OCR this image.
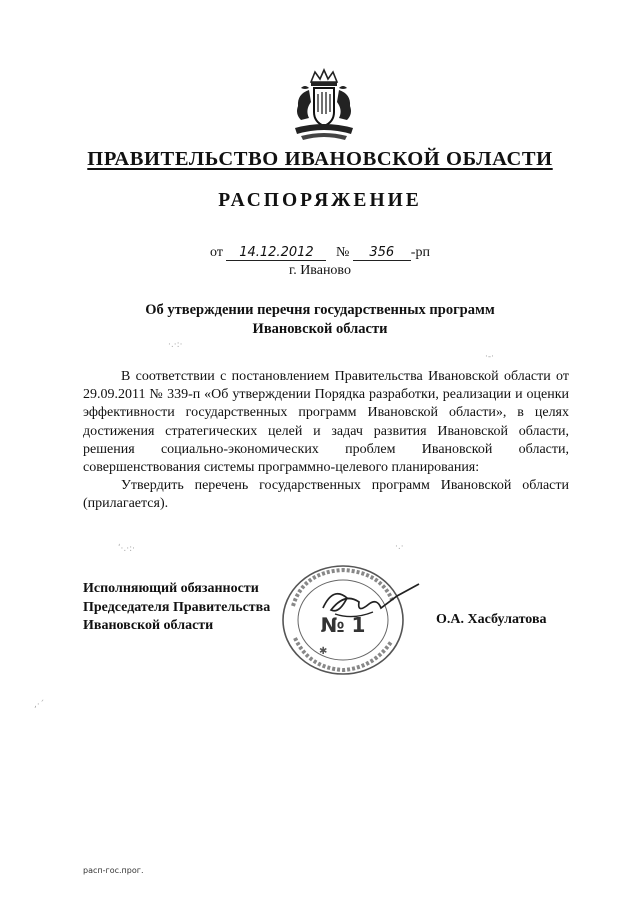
ПРАВИТЕЛЬСТВО ИВАНОВСКОЙ ОБЛАСТИ
РАСПОРЯЖЕНИЕ
от 14.12.2012 № 356 -рп
г. Иваново
Об утверждении перечня государственных программ
Ивановской области
·.·:·
·‐·

В соответствии с постановлением Правительства Ивановской области от 29.09.2011 № 339-п «Об утверждении Порядка разработки, реализации и оценки эффективности государственных программ Ивановской области», в целях достижения стратегических целей и задач развития Ивановской области, решения социально-экономических проблем Ивановской области, совершенствования системы программно-целевого планирования:

Утвердить перечень государственных программ Ивановской области (прилагается).

ʹ·.·:·	·.·
,·´
Исполняющий обязанности
Председателя Правительства
Ивановской области	№ 1
✱
О.А. Хасбулатова
расп-гос.прог.
